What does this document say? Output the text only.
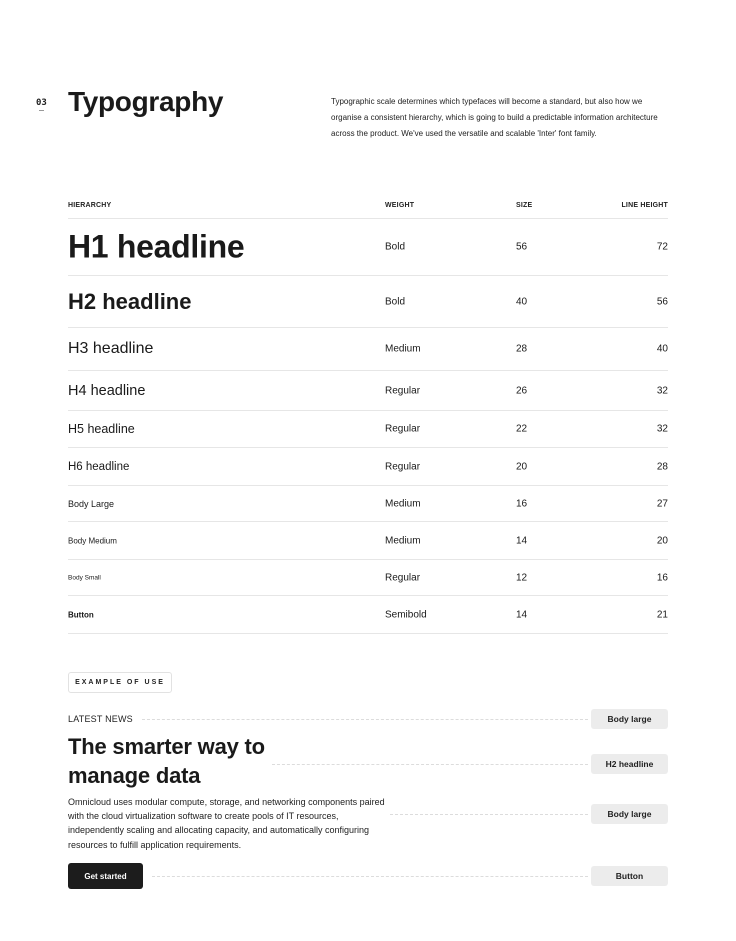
03 Typography	Typographic scale determines which typefaces will become a standard, but also how we organise a consistent hierarchy, which is going to build a predictable information architecture across the product. We've used the versatile and scalable 'Inter' font family.

HIERARCHY	WEIGHT	SIZE	LINE HEIGHT
H1 headline	Bold	56	72
H2 headline	Bold	40	56
H3 headline	Medium	28	40
H4 headline	Regular	26	32
H5 headline	Regular	22	32
H6 headline	Regular	20	28
Body Large	Medium	16	27
Body Medium	Medium	14	20
Body Small	Regular	12	16
Button	Semibold	14	21
EXAMPLE OF USE
LATEST NEWS
The smarter way to manage data

Omnicloud uses modular compute, storage, and networking components paired with the cloud virtualization software to create pools of IT resources, independently scaling and allocating capacity, and automatically configuring resources to fulfill application requirements.

Get started
Body large
H2 headline
Body large
Button
